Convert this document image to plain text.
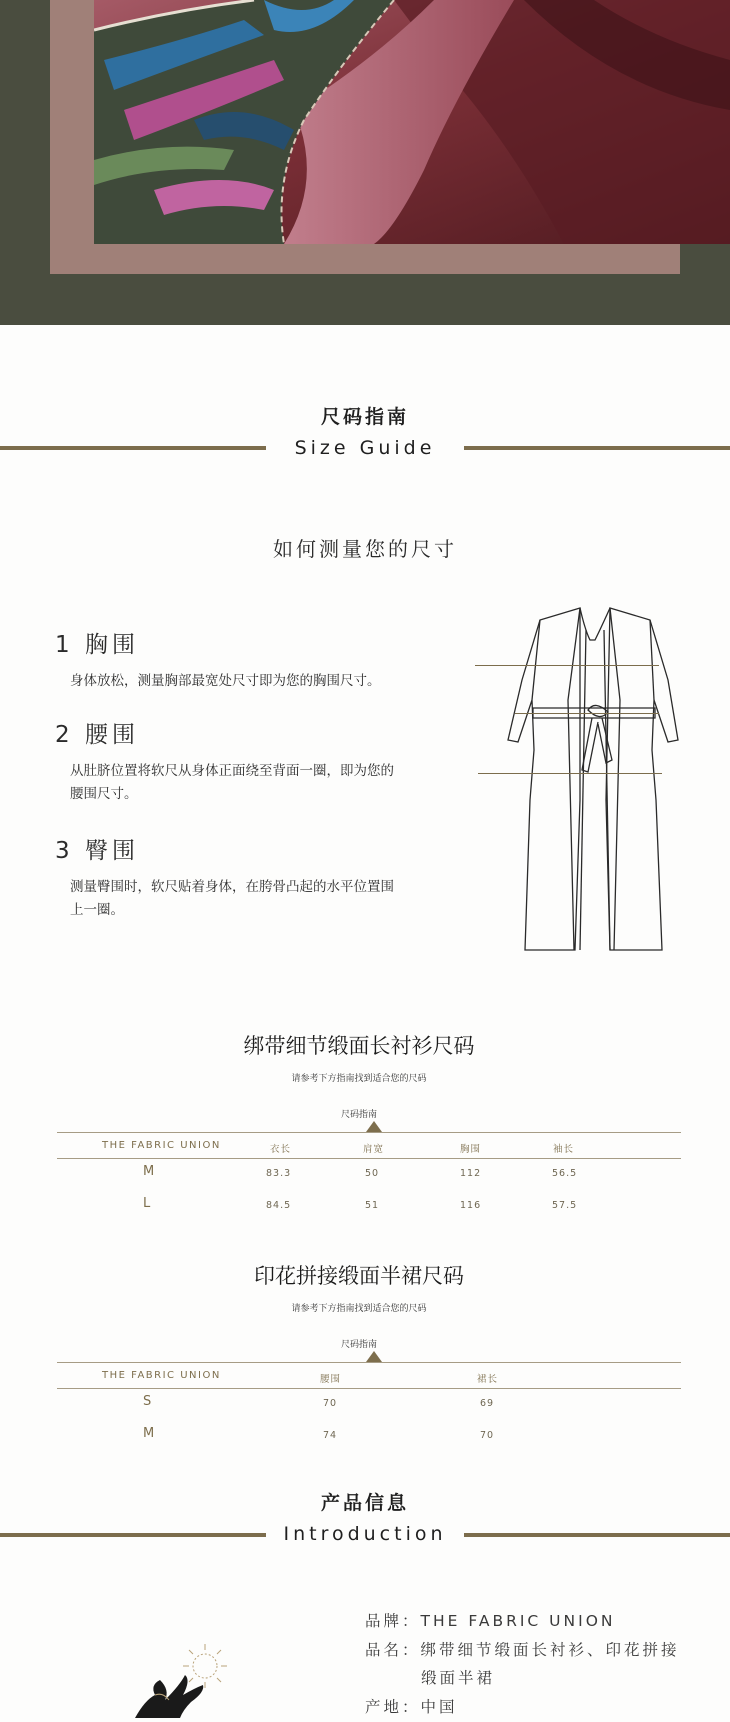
尺码指南
Size Guide
如何测量您的尺寸
1 胸围
身体放松，测量胸部最宽处尺寸即为您的胸围尺寸。
2 腰围
从肚脐位置将软尺从身体正面绕至背面一圈，即为您的腰围尺寸。
3 臀围
测量臀围时，软尺贴着身体，在胯骨凸起的水平位置围上一圈。
绑带细节缎面长衬衫尺码
请参考下方指南找到适合您的尺码
尺码指南
THE FABRIC UNION	衣长	肩宽	胸围	袖长
M	83.3	50	112	56.5
L	84.5	51	116	57.5
印花拼接缎面半裙尺码
请参考下方指南找到适合您的尺码
尺码指南
THE FABRIC UNION	腰围	裙长
S	70	69
M	74	70
产品信息
Introduction
品牌：THE FABRIC UNION
品名：绑带细节缎面长衬衫、印花拼接
缎面半裙
产地：中国
